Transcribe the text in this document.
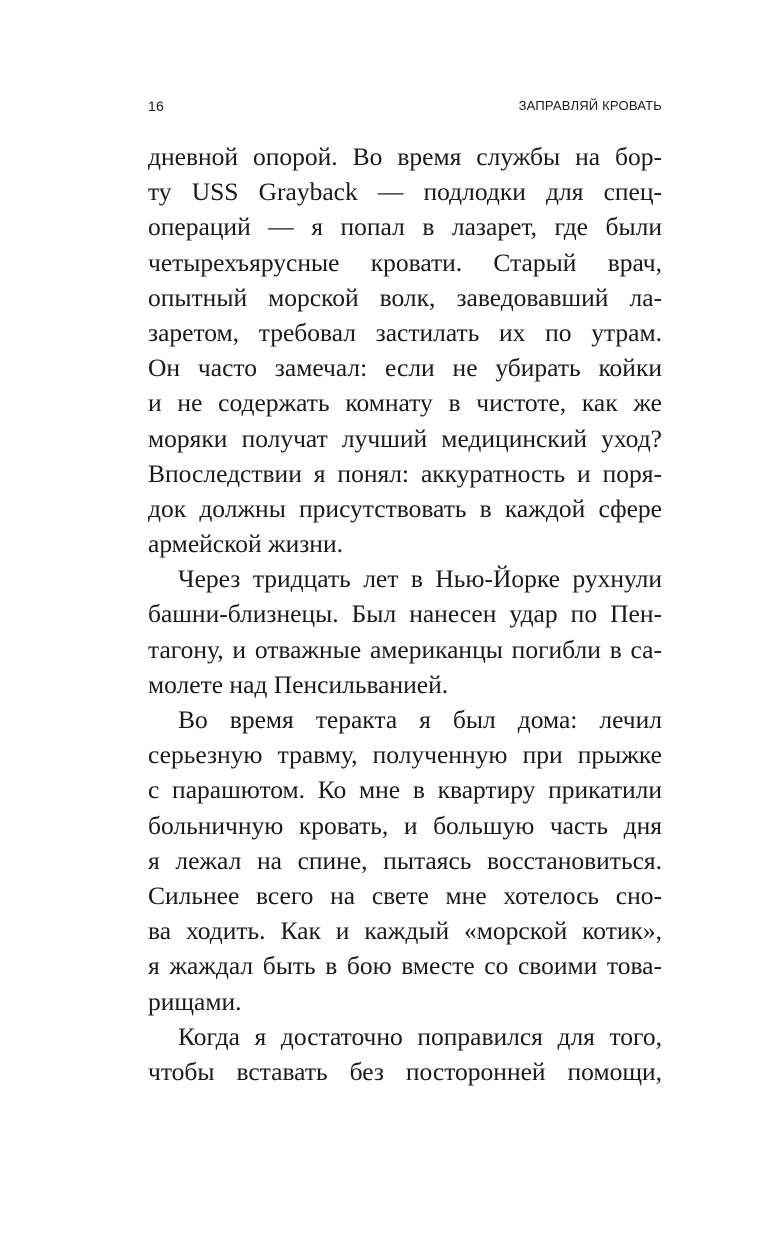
16	ЗАПРАВЛЯЙ КРОВАТЬ
дневной опорой. Во время службы на бор-
ту USS Grayback — подлодки для спец-
операций — я попал в лазарет, где были
четырехъярусные кровати. Старый врач,
опытный морской волк, заведовавший ла-
заретом, требовал застилать их по утрам.
Он часто замечал: если не убирать койки
и не содержать комнату в чистоте, как же
моряки получат лучший медицинский уход?
Впоследствии я понял: аккуратность и поря-
док должны присутствовать в каждой сфере
армейской жизни.
Через тридцать лет в Нью-Йорке рухнули
башни-близнецы. Был нанесен удар по Пен-
тагону, и отважные американцы погибли в са-
молете над Пенсильванией.
Во время теракта я был дома: лечил
серьезную травму, полученную при прыжке
с парашютом. Ко мне в квартиру прикатили
больничную кровать, и большую часть дня
я лежал на спине, пытаясь восстановиться.
Сильнее всего на свете мне хотелось сно-
ва ходить. Как и каждый «морской котик»,
я жаждал быть в бою вместе со своими това-
рищами.
Когда я достаточно поправился для того,
чтобы вставать без посторонней помощи,
